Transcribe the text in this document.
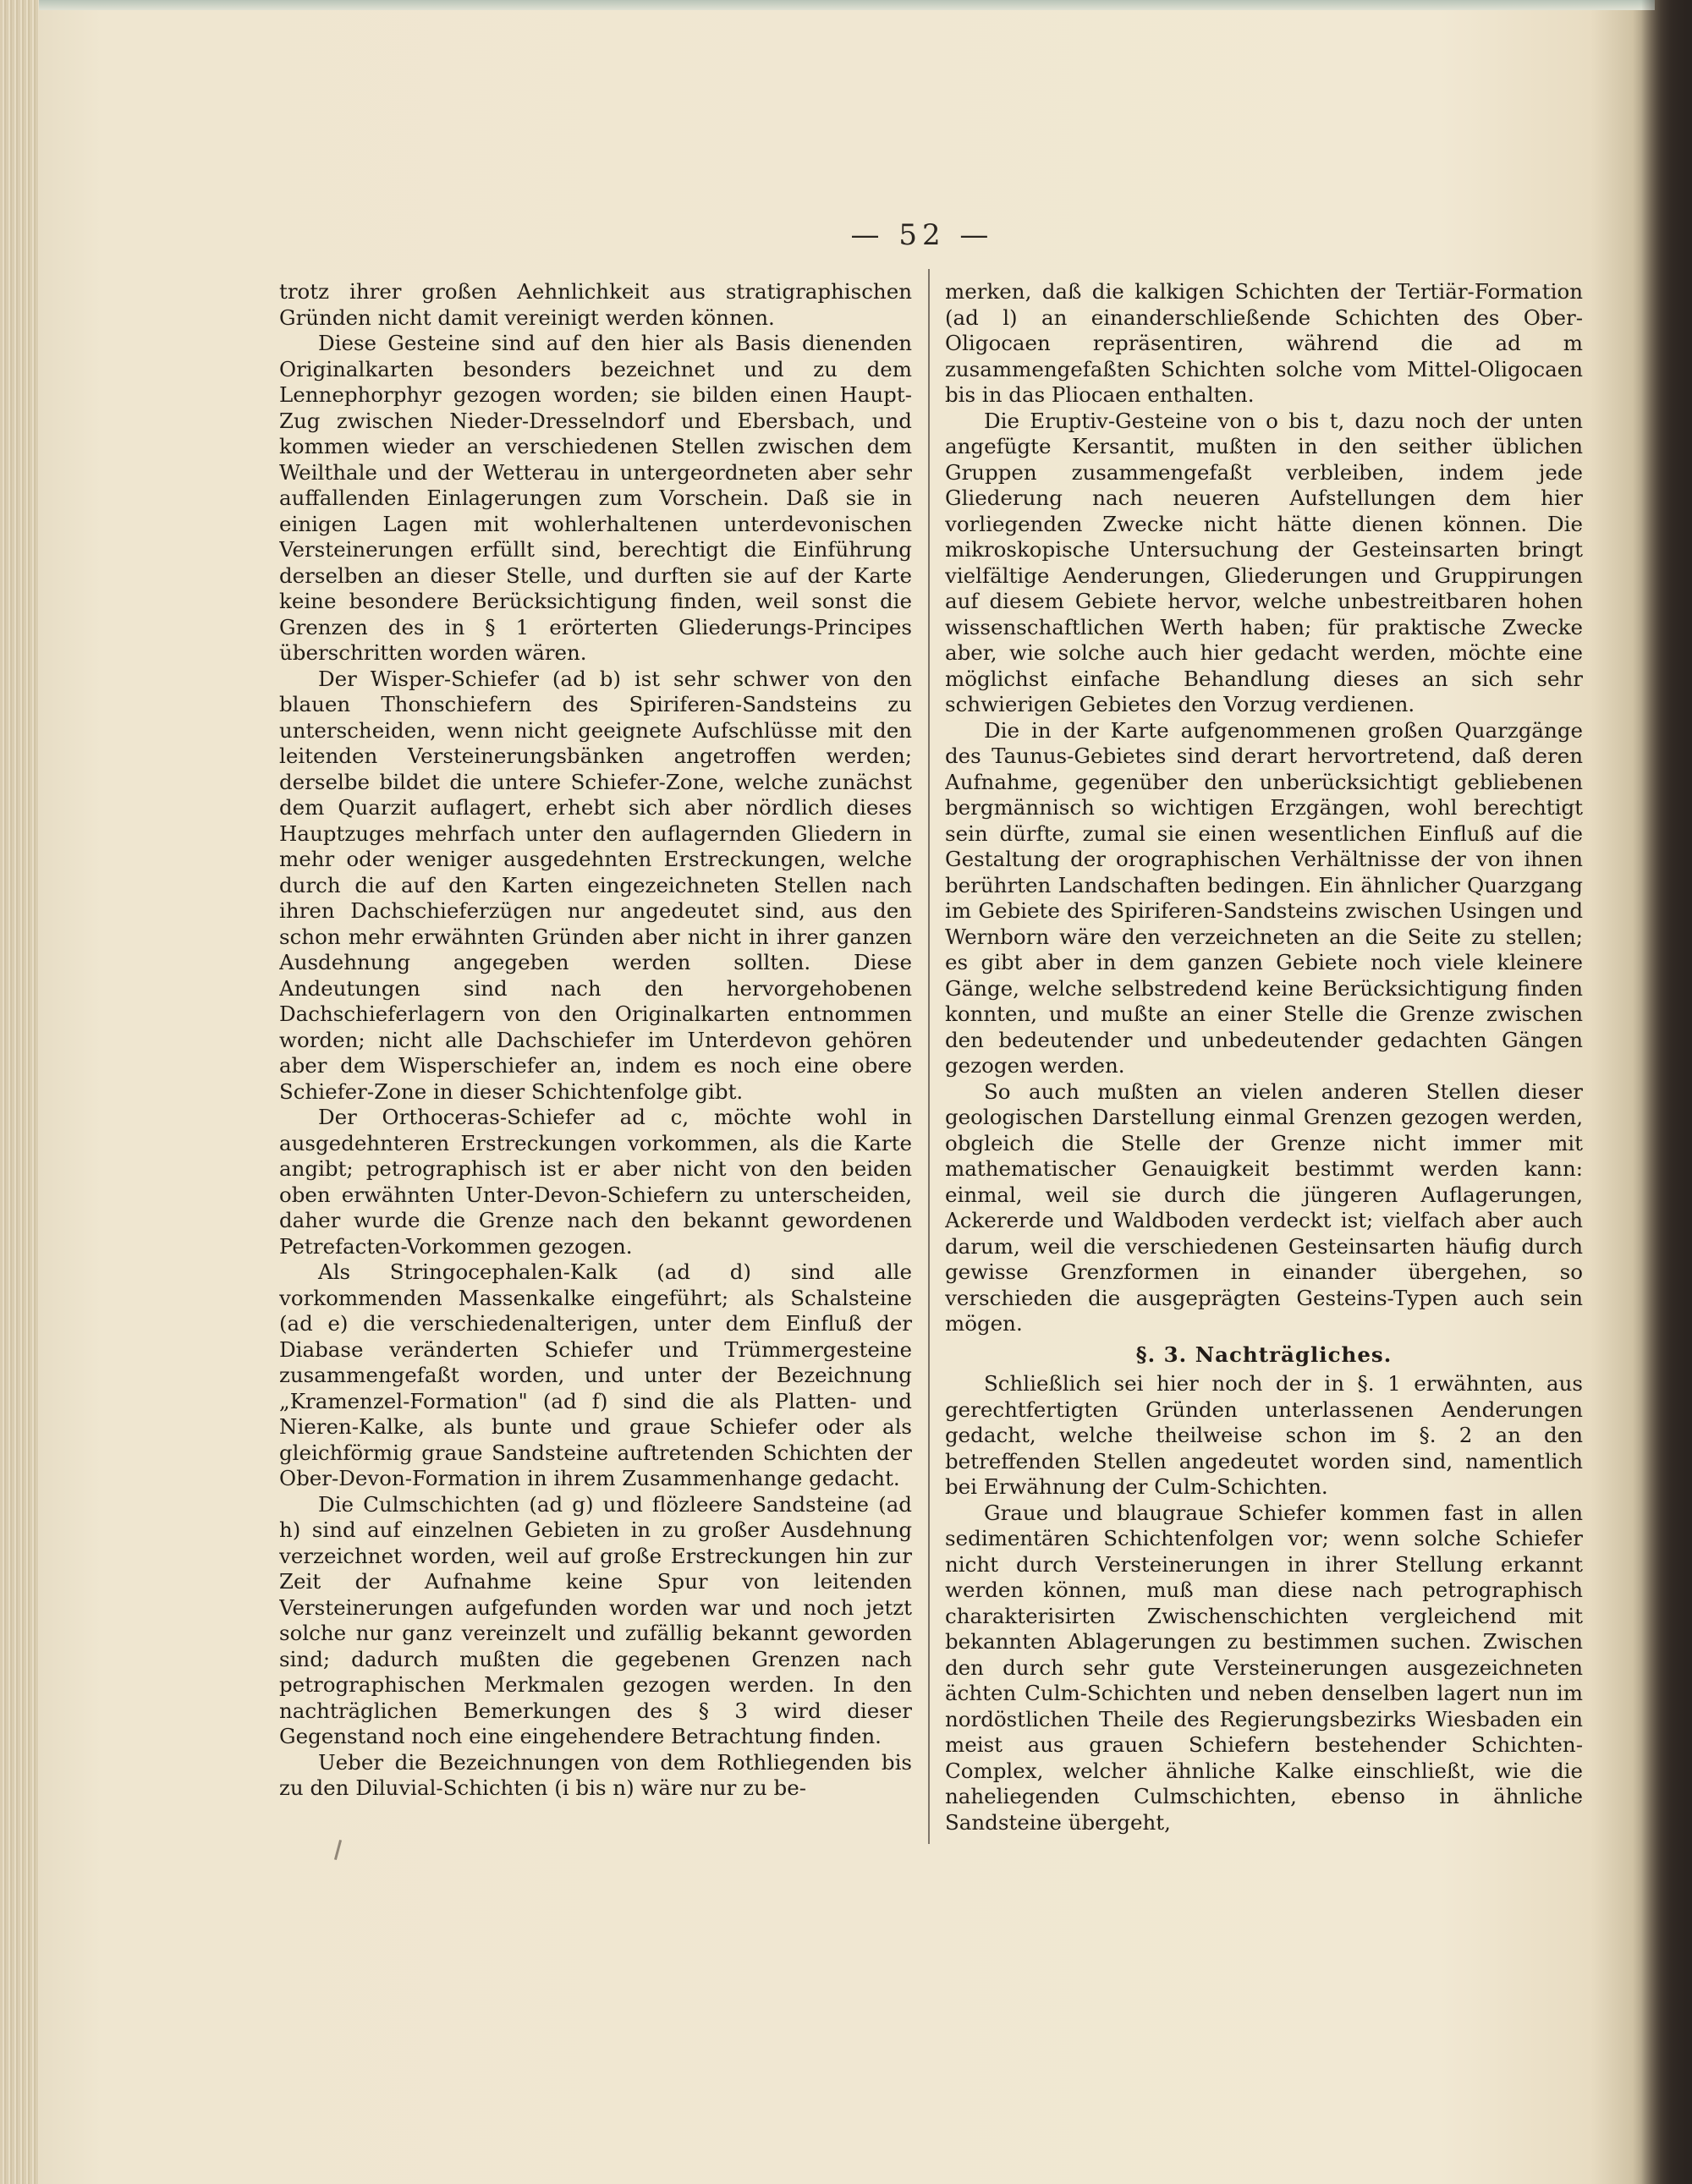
— 52 —

trotz ihrer großen Aehnlichkeit aus stratigraphischen Gründen nicht damit vereinigt werden können.

Diese Gesteine sind auf den hier als Basis dienenden Originalkarten besonders bezeichnet und zu dem Lennephorphyr gezogen worden; sie bilden einen Haupt-Zug zwischen Nieder-Dresselndorf und Ebersbach, und kommen wieder an verschiedenen Stellen zwischen dem Weilthale und der Wetterau in untergeordneten aber sehr auffallenden Einlagerungen zum Vorschein. Daß sie in einigen Lagen mit wohlerhaltenen unterdevonischen Versteinerungen erfüllt sind, berechtigt die Einführung derselben an dieser Stelle, und durften sie auf der Karte keine besondere Berücksichtigung finden, weil sonst die Grenzen des in § 1 erörterten Gliederungs-Principes überschritten worden wären.

Der Wisper-Schiefer (ad b) ist sehr schwer von den blauen Thonschiefern des Spiriferen-Sandsteins zu unterscheiden, wenn nicht geeignete Aufschlüsse mit den leitenden Versteinerungsbänken angetroffen werden; derselbe bildet die untere Schiefer-Zone, welche zunächst dem Quarzit auflagert, erhebt sich aber nördlich dieses Hauptzuges mehrfach unter den auflagernden Gliedern in mehr oder weniger ausgedehnten Erstreckungen, welche durch die auf den Karten eingezeichneten Stellen nach ihren Dachschieferzügen nur angedeutet sind, aus den schon mehr erwähnten Gründen aber nicht in ihrer ganzen Ausdehnung angegeben werden sollten. Diese Andeutungen sind nach den hervorgehobenen Dachschieferlagern von den Originalkarten entnommen worden; nicht alle Dachschiefer im Unterdevon gehören aber dem Wisperschiefer an, indem es noch eine obere Schiefer-Zone in dieser Schichtenfolge gibt.

Der Orthoceras-Schiefer ad c, möchte wohl in ausgedehnteren Erstreckungen vorkommen, als die Karte angibt; petrographisch ist er aber nicht von den beiden oben erwähnten Unter-Devon-Schiefern zu unterscheiden, daher wurde die Grenze nach den bekannt gewordenen Petrefacten-Vorkommen gezogen.

Als Stringocephalen-Kalk (ad d) sind alle vorkommenden Massenkalke eingeführt; als Schalsteine (ad e) die verschiedenalterigen, unter dem Einfluß der Diabase veränderten Schiefer und Trümmergesteine zusammengefaßt worden, und unter der Bezeichnung „Kramenzel-Formation" (ad f) sind die als Platten- und Nieren-Kalke, als bunte und graue Schiefer oder als gleichförmig graue Sandsteine auftretenden Schichten der Ober-Devon-Formation in ihrem Zusammenhange gedacht.

Die Culmschichten (ad g) und flözleere Sandsteine (ad h) sind auf einzelnen Gebieten in zu großer Ausdehnung verzeichnet worden, weil auf große Erstreckungen hin zur Zeit der Aufnahme keine Spur von leitenden Versteinerungen aufgefunden worden war und noch jetzt solche nur ganz vereinzelt und zufällig bekannt geworden sind; dadurch mußten die gegebenen Grenzen nach petrographischen Merkmalen gezogen werden. In den nachträglichen Bemerkungen des § 3 wird dieser Gegenstand noch eine eingehendere Betrachtung finden.

Ueber die Bezeichnungen von dem Rothliegenden bis zu den Diluvial-Schichten (i bis n) wäre nur zu be-

merken, daß die kalkigen Schichten der Tertiär-Formation (ad l) an einanderschließende Schichten des Ober-Oligocaen repräsentiren, während die ad m zusammengefaßten Schichten solche vom Mittel-Oligocaen bis in das Pliocaen enthalten.

Die Eruptiv-Gesteine von o bis t, dazu noch der unten angefügte Kersantit, mußten in den seither üblichen Gruppen zusammengefaßt verbleiben, indem jede Gliederung nach neueren Aufstellungen dem hier vorliegenden Zwecke nicht hätte dienen können. Die mikroskopische Untersuchung der Gesteinsarten bringt vielfältige Aenderungen, Gliederungen und Gruppirungen auf diesem Gebiete hervor, welche unbestreitbaren hohen wissenschaftlichen Werth haben; für praktische Zwecke aber, wie solche auch hier gedacht werden, möchte eine möglichst einfache Behandlung dieses an sich sehr schwierigen Gebietes den Vorzug verdienen.

Die in der Karte aufgenommenen großen Quarzgänge des Taunus-Gebietes sind derart hervortretend, daß deren Aufnahme, gegenüber den unberücksichtigt gebliebenen bergmännisch so wichtigen Erzgängen, wohl berechtigt sein dürfte, zumal sie einen wesentlichen Einfluß auf die Gestaltung der orographischen Verhältnisse der von ihnen berührten Landschaften bedingen. Ein ähnlicher Quarzgang im Gebiete des Spiriferen-Sandsteins zwischen Usingen und Wernborn wäre den verzeichneten an die Seite zu stellen; es gibt aber in dem ganzen Gebiete noch viele kleinere Gänge, welche selbstredend keine Berücksichtigung finden konnten, und mußte an einer Stelle die Grenze zwischen den bedeutender und unbedeutender gedachten Gängen gezogen werden.

So auch mußten an vielen anderen Stellen dieser geologischen Darstellung einmal Grenzen gezogen werden, obgleich die Stelle der Grenze nicht immer mit mathematischer Genauigkeit bestimmt werden kann: einmal, weil sie durch die jüngeren Auflagerungen, Ackererde und Waldboden verdeckt ist; vielfach aber auch darum, weil die verschiedenen Gesteinsarten häufig durch gewisse Grenzformen in einander übergehen, so verschieden die ausgeprägten Gesteins-Typen auch sein mögen.

§. 3. Nachträgliches.

Schließlich sei hier noch der in §. 1 erwähnten, aus gerechtfertigten Gründen unterlassenen Aenderungen gedacht, welche theilweise schon im §. 2 an den betreffenden Stellen angedeutet worden sind, namentlich bei Erwähnung der Culm-Schichten.

Graue und blaugraue Schiefer kommen fast in allen sedimentären Schichtenfolgen vor; wenn solche Schiefer nicht durch Versteinerungen in ihrer Stellung erkannt werden können, muß man diese nach petrographisch charakterisirten Zwischenschichten vergleichend mit bekannten Ablagerungen zu bestimmen suchen. Zwischen den durch sehr gute Versteinerungen ausgezeichneten ächten Culm-Schichten und neben denselben lagert nun im nordöstlichen Theile des Regierungsbezirks Wiesbaden ein meist aus grauen Schiefern bestehender Schichten-Complex, welcher ähnliche Kalke einschließt, wie die naheliegenden Culmschichten, ebenso in ähnliche Sandsteine übergeht,
